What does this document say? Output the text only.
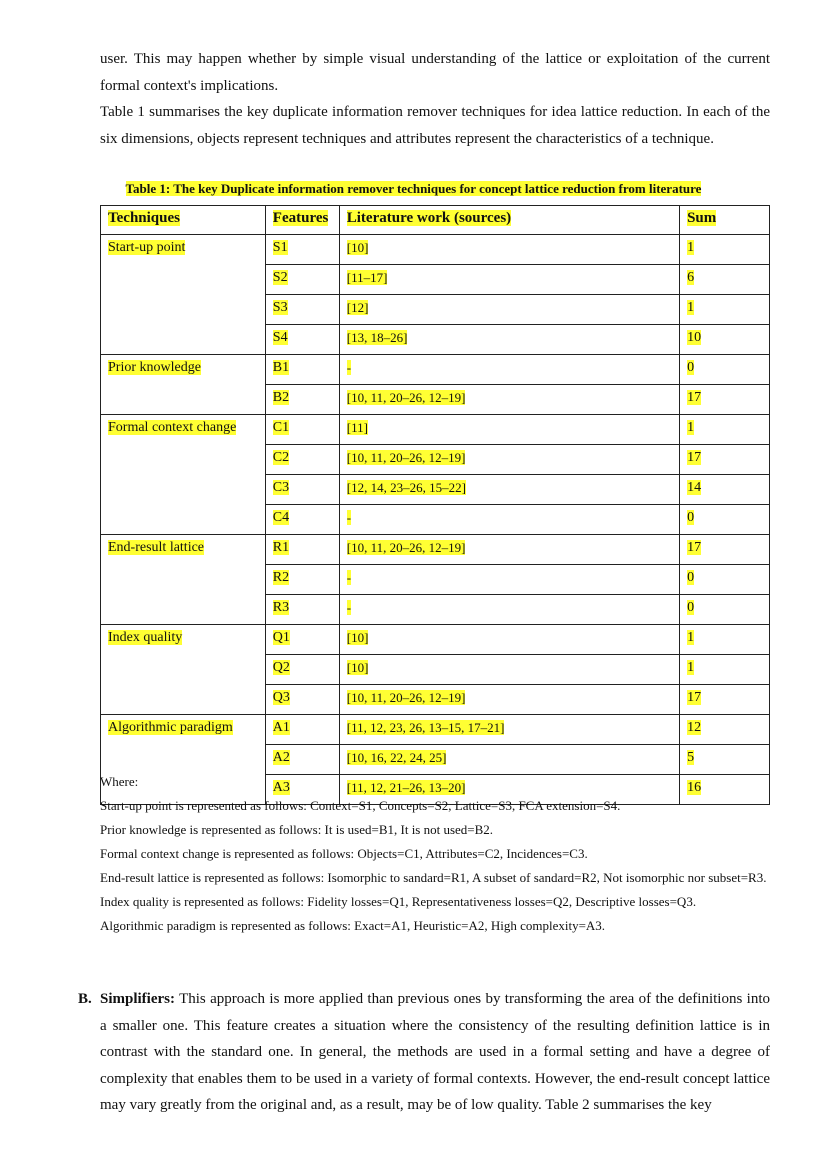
user. This may happen whether by simple visual understanding of the lattice or exploitation of the current formal context's implications.

Table 1 summarises the key duplicate information remover techniques for idea lattice reduction. In each of the six dimensions, objects represent techniques and attributes represent the characteristics of a technique.

Table 1: The key Duplicate information remover techniques for concept lattice reduction from literature
Techniques	Features	Literature work (sources)	Sum
Start-up point	S1	[10]	1
	S2	[11–17]	6
	S3	[12]	1
	S4	[13, 18–26]	10
Prior knowledge	B1	-	0
	B2	[10, 11, 20–26, 12–19]	17
Formal context change	C1	[11]	1
	C2	[10, 11, 20–26, 12–19]	17
	C3	[12, 14, 23–26, 15–22]	14
	C4	-	0
End-result lattice	R1	[10, 11, 20–26, 12–19]	17
	R2	-	0
	R3	-	0
Index quality	Q1	[10]	1
	Q2	[10]	1
	Q3	[10, 11, 20–26, 12–19]	17
Algorithmic paradigm	A1	[11, 12, 23, 26, 13–15, 17–21]	12
	A2	[10, 16, 22, 24, 25]	5
	A3	[11, 12, 21–26, 13–20]	16
Where:
Start-up point is represented as follows: Context=S1, Concepts=S2, Lattice=S3, FCA extension=S4.
Prior knowledge is represented as follows: It is used=B1, It is not used=B2.
Formal context change is represented as follows: Objects=C1, Attributes=C2, Incidences=C3.
End-result lattice is represented as follows: Isomorphic to sandard=R1, A subset of sandard=R2, Not isomorphic nor subset=R3.
Index quality is represented as follows: Fidelity losses=Q1, Representativeness losses=Q2, Descriptive losses=Q3.
Algorithmic paradigm is represented as follows: Exact=A1, Heuristic=A2, High complexity=A3.
B. Simplifiers: This approach is more applied than previous ones by transforming the area of the definitions into a smaller one. This feature creates a situation where the consistency of the resulting definition lattice is in contrast with the standard one. In general, the methods are used in a formal setting and have a degree of complexity that enables them to be used in a variety of formal contexts. However, the end-result concept lattice may vary greatly from the original and, as a result, may be of low quality. Table 2 summarises the key
